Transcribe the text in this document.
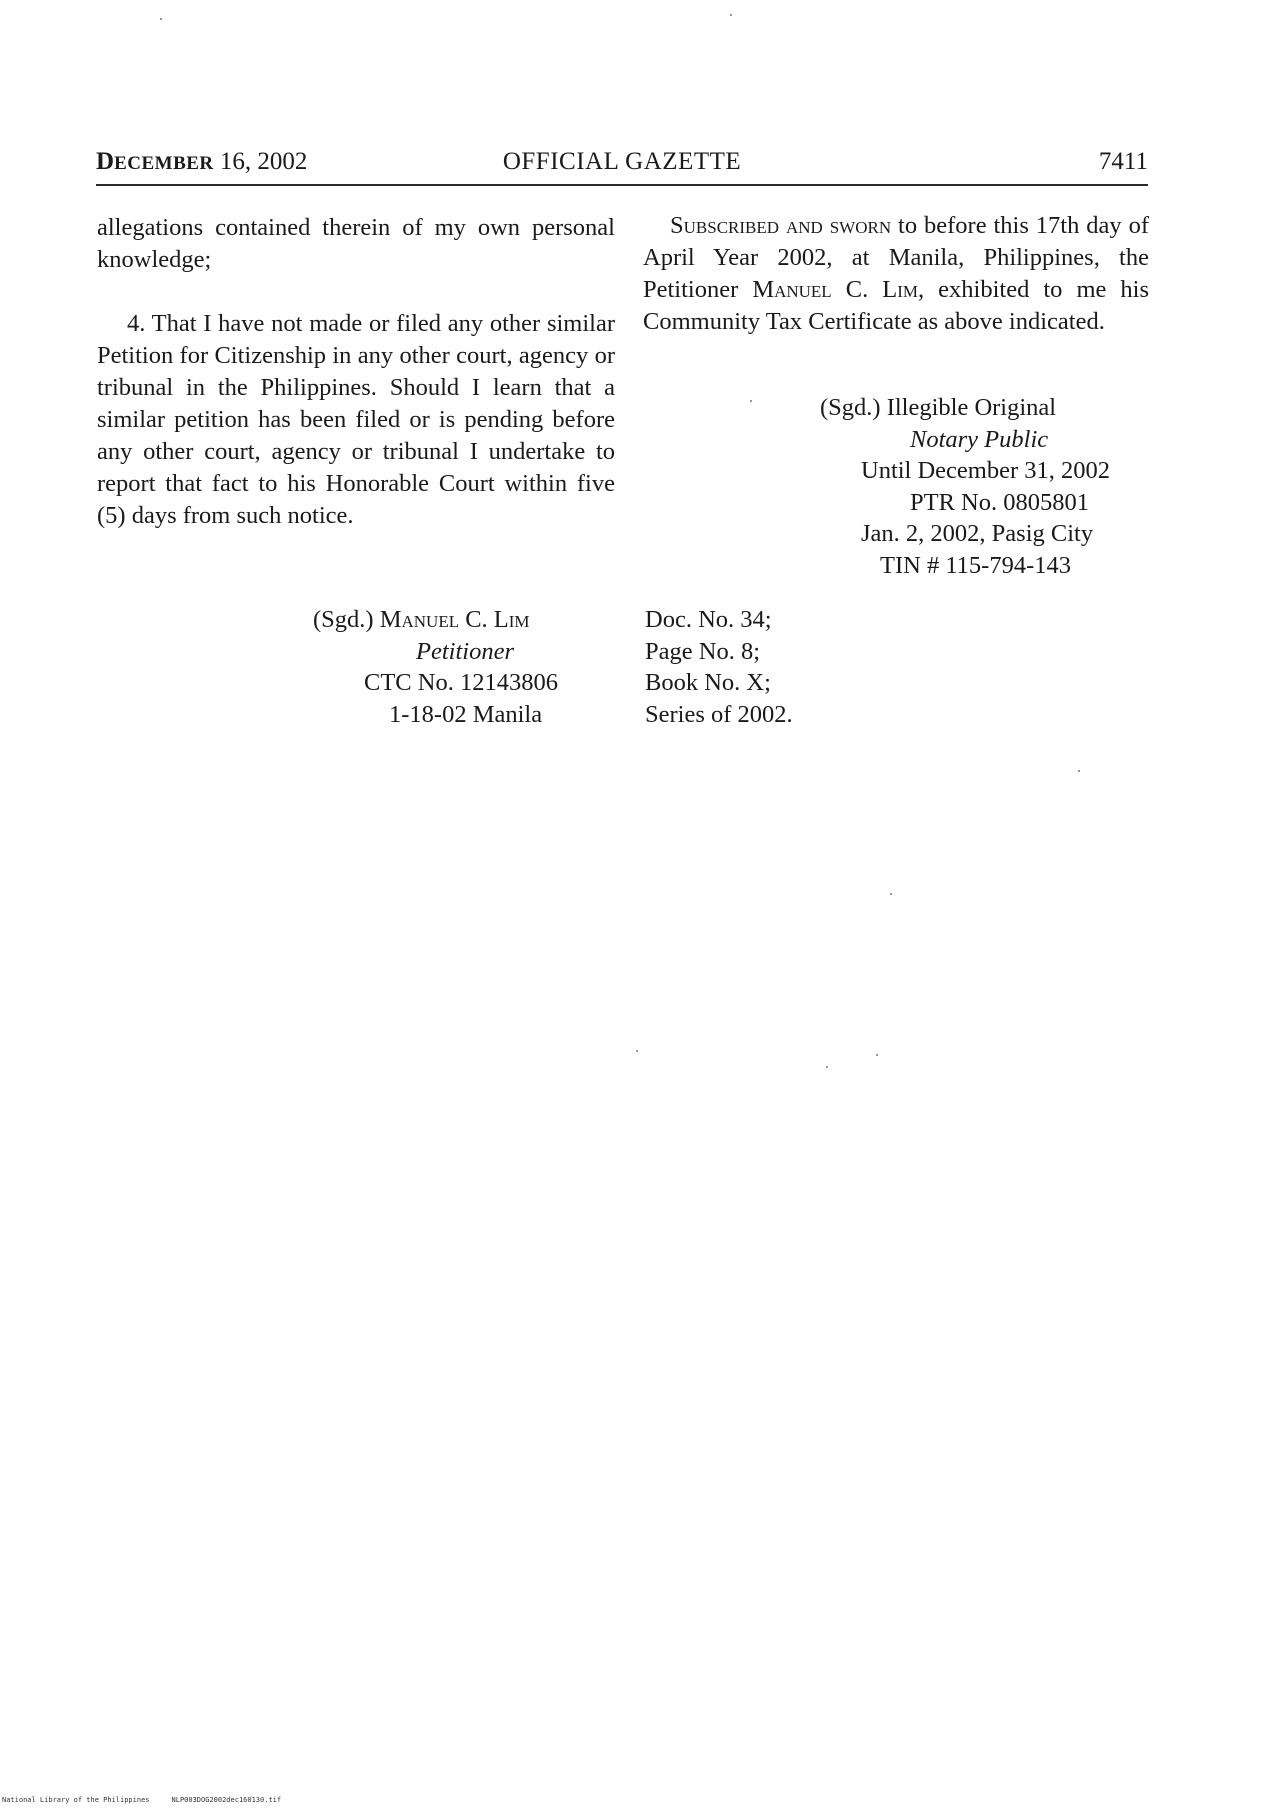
DECEMBER 16, 2002	OFFICIAL GAZETTE	7411

allegations contained therein of my own personal knowledge;

4. That I have not made or filed any other similar Petition for Citizenship in any other court, agency or tribunal in the Philippines. Should I learn that a similar petition has been filed or is pending before any other court, agency or tribunal I undertake to report that fact to his Honorable Court within five (5) days from such notice.

Subscribed and sworn to before this 17th day of April Year 2002, at Manila, Philippines, the Petitioner Manuel C. Lim, exhibited to me his Community Tax Certificate as above indicated.

(Sgd.) Illegible Original
Notary Public
Until December 31, 2002
PTR No. 0805801
Jan. 2, 2002, Pasig City
TIN # 115-794-143
(Sgd.) Manuel C. Lim
Petitioner
CTC No. 12143806
1-18-02 Manila
Doc. No. 34;
Page No. 8;
Book No. X;
Series of 2002.
National Library of the Philippines	NLP003DOG2002dec160130.tif
